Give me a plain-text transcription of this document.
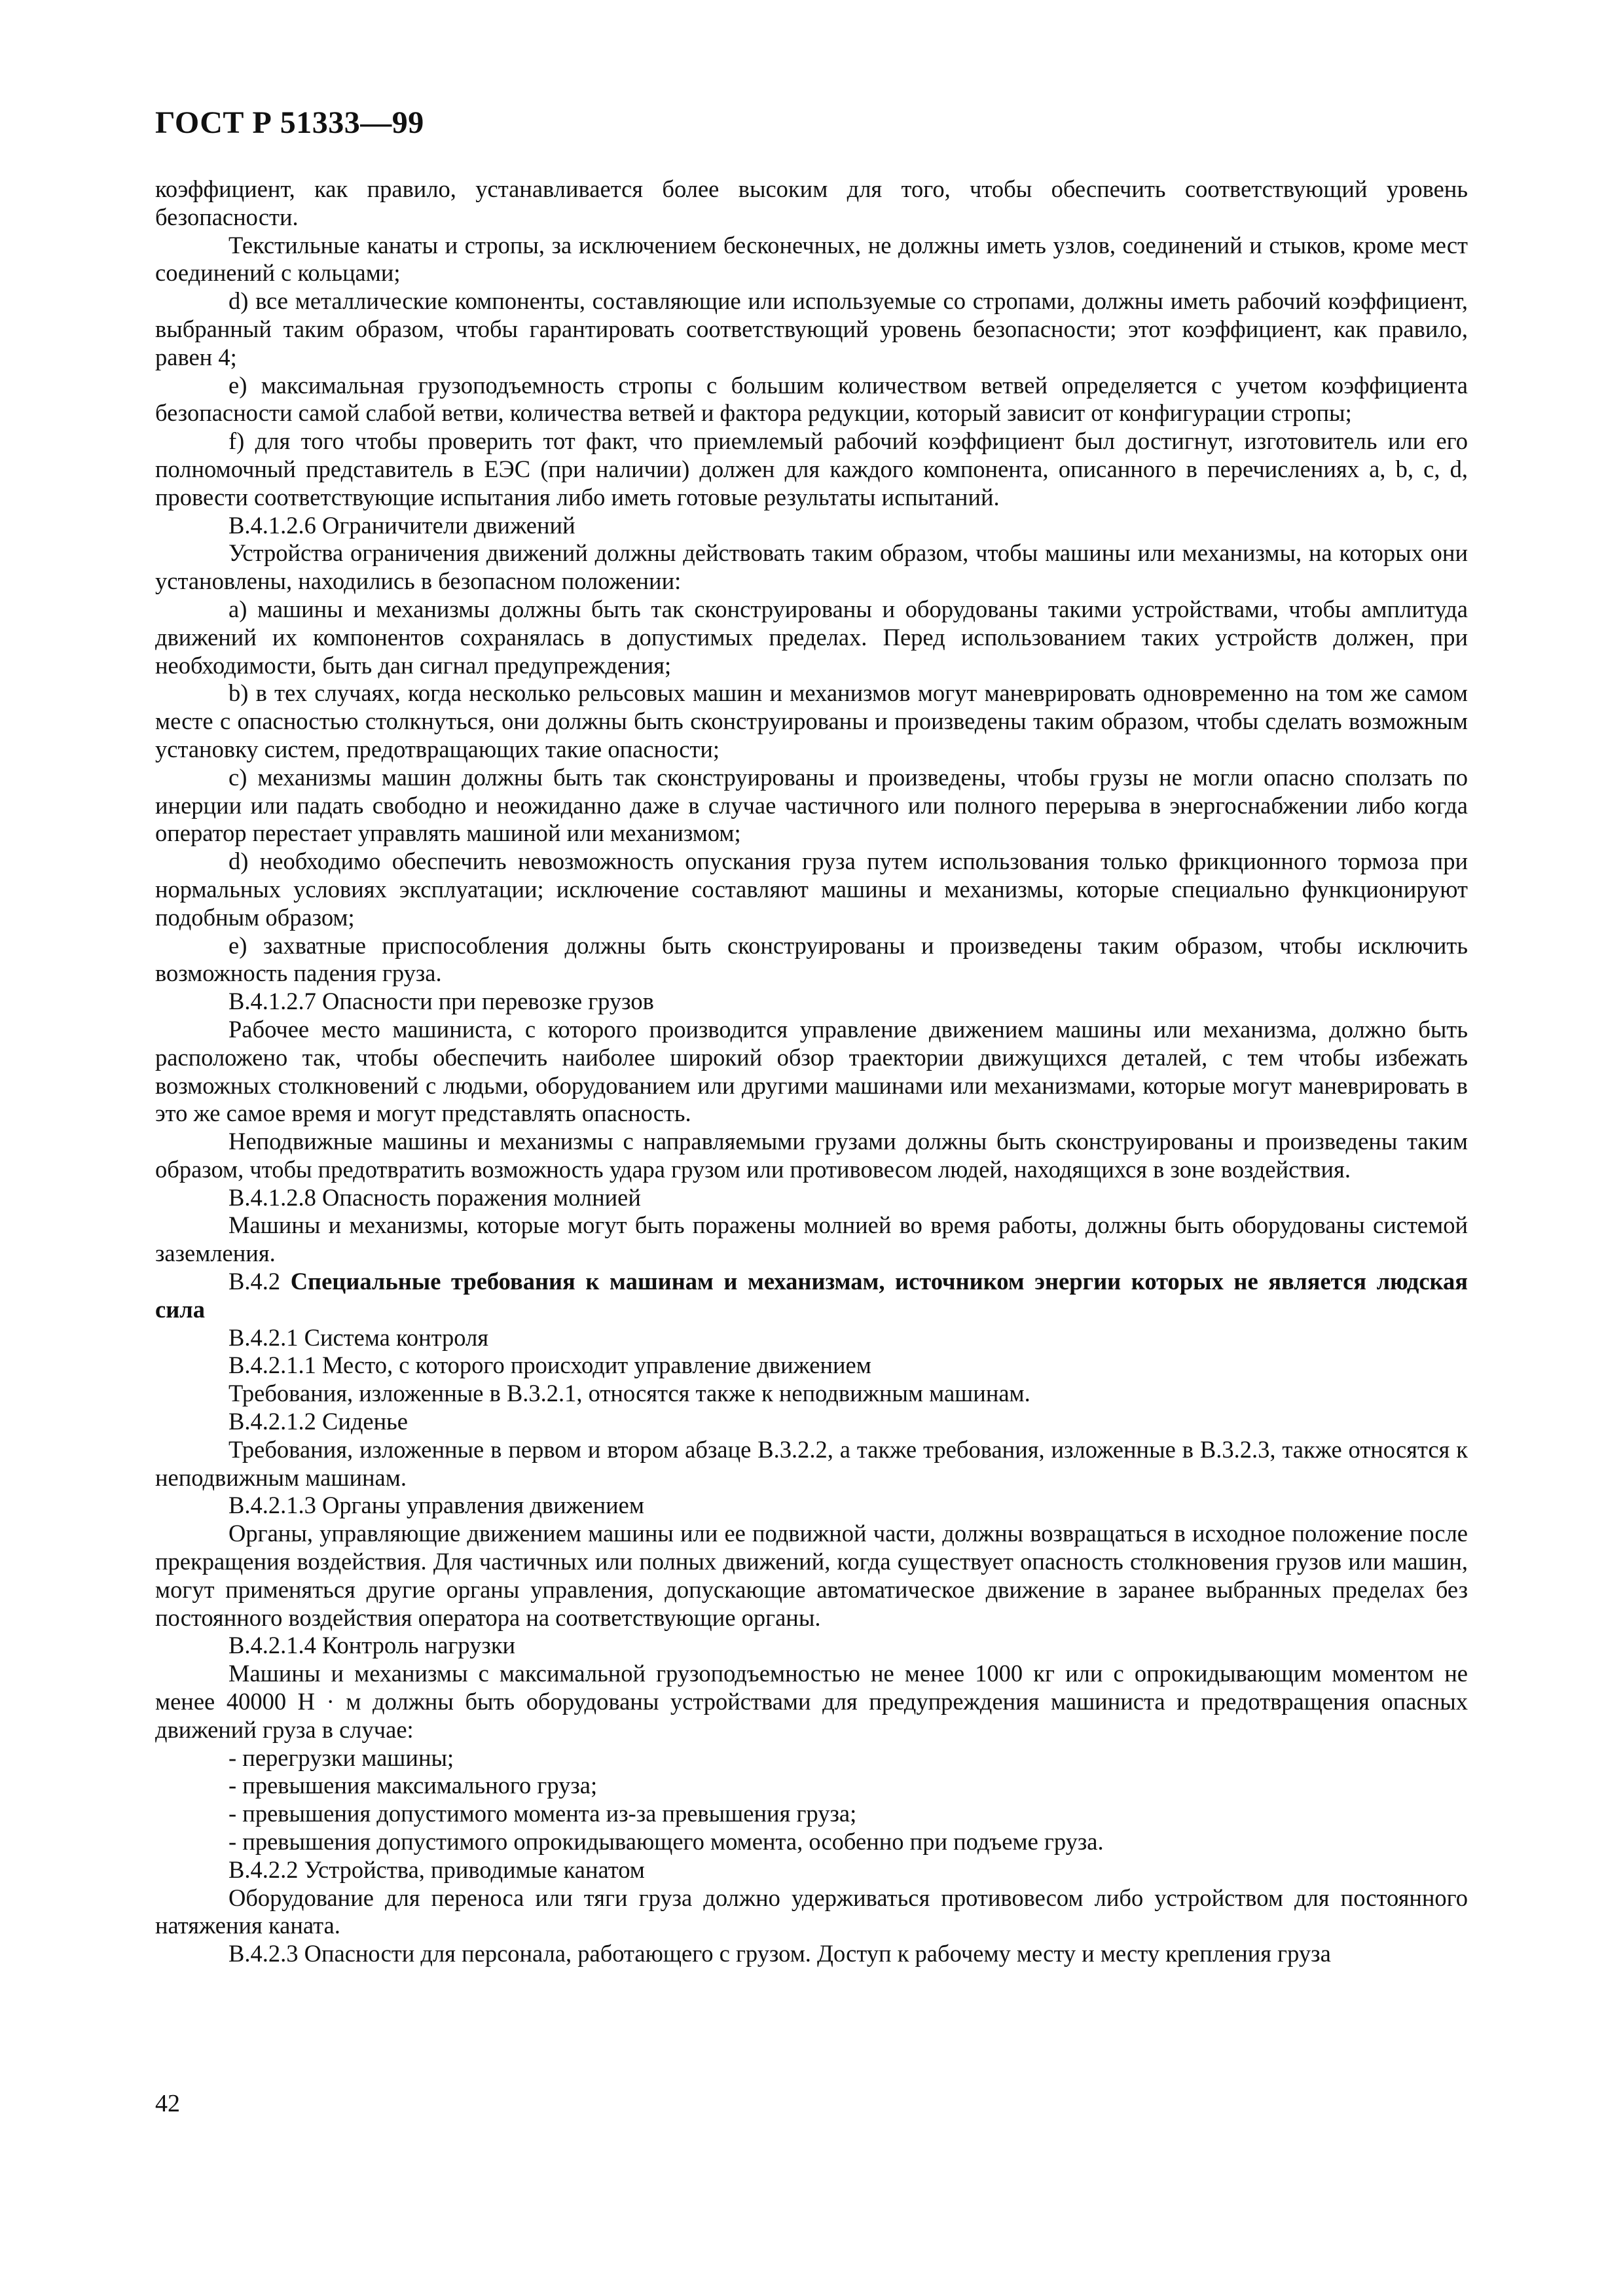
ГОСТ Р 51333—99

коэффициент, как правило, устанавливается более высоким для того, чтобы обеспечить соответствующий уровень безопасности.

Текстильные канаты и стропы, за исключением бесконечных, не должны иметь узлов, соединений и стыков, кроме мест соединений с кольцами;

d) все металлические компоненты, составляющие или используемые со стропами, должны иметь рабочий коэффициент, выбранный таким образом, чтобы гарантировать соответствующий уровень безопасности; этот коэффициент, как правило, равен 4;

е) максимальная грузоподъемность стропы с большим количеством ветвей определяется с учетом коэффициента безопасности самой слабой ветви, количества ветвей и фактора редукции, который зависит от конфигурации стропы;

f) для того чтобы проверить тот факт, что приемлемый рабочий коэффициент был достигнут, изготовитель или его полномочный представитель в ЕЭС (при наличии) должен для каждого компонента, описанного в перечислениях а, b, с, d, провести соответствующие испытания либо иметь готовые результаты испытаний.

В.4.1.2.6 Ограничители движений

Устройства ограничения движений должны действовать таким образом, чтобы машины или механизмы, на которых они установлены, находились в безопасном положении:

а) машины и механизмы должны быть так сконструированы и оборудованы такими устройствами, чтобы амплитуда движений их компонентов сохранялась в допустимых пределах. Перед использованием таких устройств должен, при необходимости, быть дан сигнал предупреждения;

b) в тех случаях, когда несколько рельсовых машин и механизмов могут маневрировать одновременно на том же самом месте с опасностью столкнуться, они должны быть сконструированы и произведены таким образом, чтобы сделать возможным установку систем, предотвращающих такие опасности;

с) механизмы машин должны быть так сконструированы и произведены, чтобы грузы не могли опасно сползать по инерции или падать свободно и неожиданно даже в случае частичного или полного перерыва в энергоснабжении либо когда оператор перестает управлять машиной или механизмом;

d) необходимо обеспечить невозможность опускания груза путем использования только фрикционного тормоза при нормальных условиях эксплуатации; исключение составляют машины и механизмы, которые специально функционируют подобным образом;

е) захватные приспособления должны быть сконструированы и произведены таким образом, чтобы исключить возможность падения груза.

В.4.1.2.7 Опасности при перевозке грузов

Рабочее место машиниста, с которого производится управление движением машины или механизма, должно быть расположено так, чтобы обеспечить наиболее широкий обзор траектории движущихся деталей, с тем чтобы избежать возможных столкновений с людьми, оборудованием или другими машинами или механизмами, которые могут маневрировать в это же самое время и могут представлять опасность.

Неподвижные машины и механизмы с направляемыми грузами должны быть сконструированы и произведены таким образом, чтобы предотвратить возможность удара грузом или противовесом людей, находящихся в зоне воздействия.

В.4.1.2.8 Опасность поражения молнией

Машины и механизмы, которые могут быть поражены молнией во время работы, должны быть оборудованы системой заземления.

В.4.2 Специальные требования к машинам и механизмам, источником энергии которых не является людская сила

В.4.2.1 Система контроля

В.4.2.1.1 Место, с которого происходит управление движением

Требования, изложенные в В.3.2.1, относятся также к неподвижным машинам.

В.4.2.1.2 Сиденье

Требования, изложенные в первом и втором абзаце В.3.2.2, а также требования, изложенные в В.3.2.3, также относятся к неподвижным машинам.

В.4.2.1.3 Органы управления движением

Органы, управляющие движением машины или ее подвижной части, должны возвращаться в исходное положение после прекращения воздействия. Для частичных или полных движений, когда существует опасность столкновения грузов или машин, могут применяться другие органы управления, допускающие автоматическое движение в заранее выбранных пределах без постоянного воздействия оператора на соответствующие органы.

В.4.2.1.4 Контроль нагрузки

Машины и механизмы с максимальной грузоподъемностью не менее 1000 кг или с опрокидывающим моментом не менее 40000 Н · м должны быть оборудованы устройствами для предупреждения машиниста и предотвращения опасных движений груза в случае:

- перегрузки машины;

- превышения максимального груза;

- превышения допустимого момента из-за превышения груза;

- превышения допустимого опрокидывающего момента, особенно при подъеме груза.

В.4.2.2 Устройства, приводимые канатом

Оборудование для переноса или тяги груза должно удерживаться противовесом либо устройством для постоянного натяжения каната.

В.4.2.3 Опасности для персонала, работающего с грузом. Доступ к рабочему месту и месту крепления груза

42
